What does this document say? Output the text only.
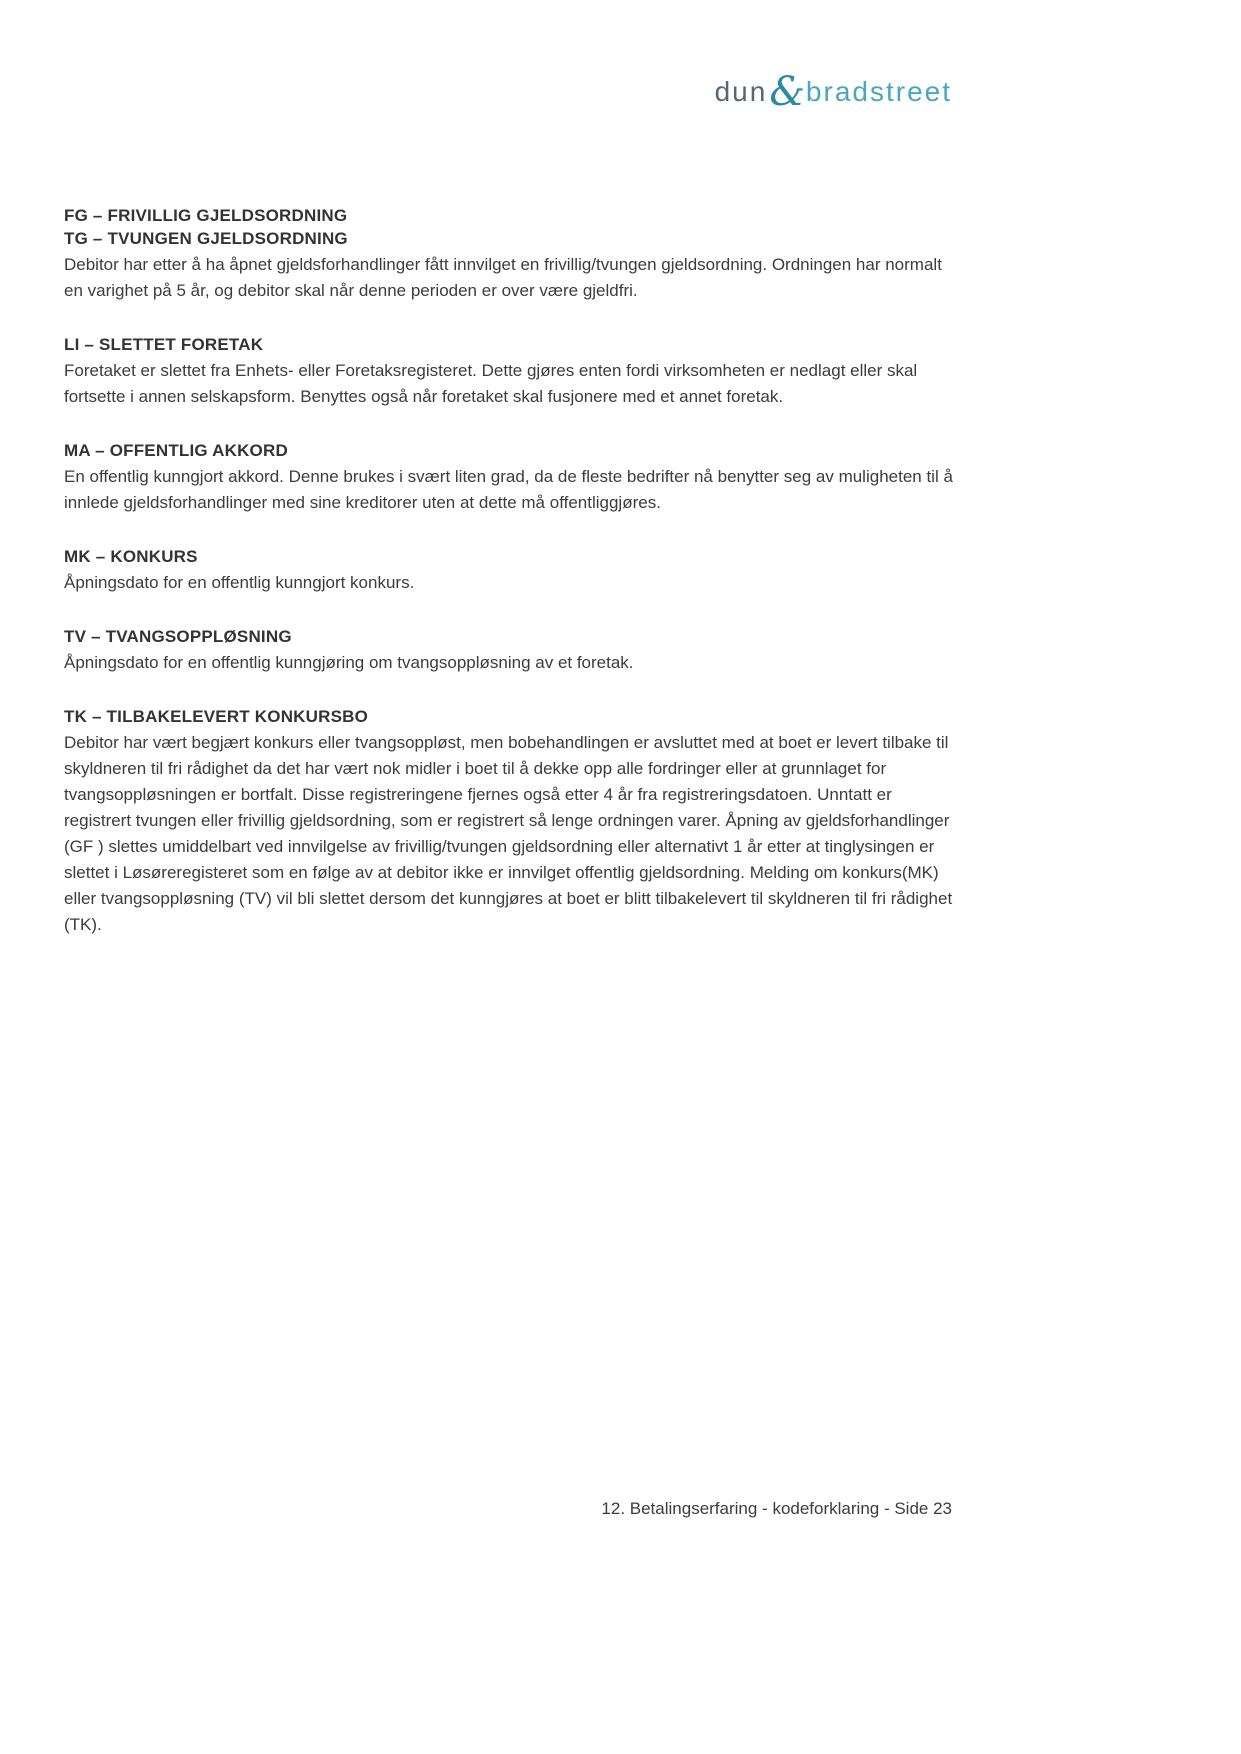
dun&bradstreet
FG – FRIVILLIG GJELDSORDNING
TG – TVUNGEN GJELDSORDNING

Debitor har etter å ha åpnet gjeldsforhandlinger fått innvilget en frivillig/tvungen gjeldsordning. Ordningen har normalt en varighet på 5 år, og debitor skal når denne perioden er over være gjeldfri.

LI – SLETTET FORETAK

Foretaket er slettet fra Enhets- eller Foretaksregisteret. Dette gjøres enten fordi virksomheten er nedlagt eller skal fortsette i annen selskapsform. Benyttes også når foretaket skal fusjonere med et annet foretak.

MA – OFFENTLIG AKKORD

En offentlig kunngjort akkord. Denne brukes i svært liten grad, da de fleste bedrifter nå benytter seg av muligheten til å innlede gjeldsforhandlinger med sine kreditorer uten at dette må offentliggjøres.

MK – KONKURS

Åpningsdato for en offentlig kunngjort konkurs.

TV – TVANGSOPPLØSNING

Åpningsdato for en offentlig kunngjøring om tvangsoppløsning av et foretak.

TK – TILBAKELEVERT KONKURSBO

Debitor har vært begjært konkurs eller tvangsoppløst, men bobehandlingen er avsluttet med at boet er levert tilbake til skyldneren til fri rådighet da det har vært nok midler i boet til å dekke opp alle fordringer eller at grunnlaget for tvangsoppløsningen er bortfalt. Disse registreringene fjernes også etter 4 år fra registreringsdatoen. Unntatt er registrert tvungen eller frivillig gjeldsordning, som er registrert så lenge ordningen varer. Åpning av gjeldsforhandlinger (GF ) slettes umiddelbart ved innvilgelse av frivillig/tvungen gjeldsordning eller alternativt 1 år etter at tinglysingen er slettet i Løsøreregisteret som en følge av at debitor ikke er innvilget offentlig gjeldsordning. Melding om konkurs(MK) eller tvangsoppløsning (TV) vil bli slettet dersom det kunngjøres at boet er blitt tilbakelevert til skyldneren til fri rådighet (TK).

12. Betalingserfaring - kodeforklaring - Side 23
